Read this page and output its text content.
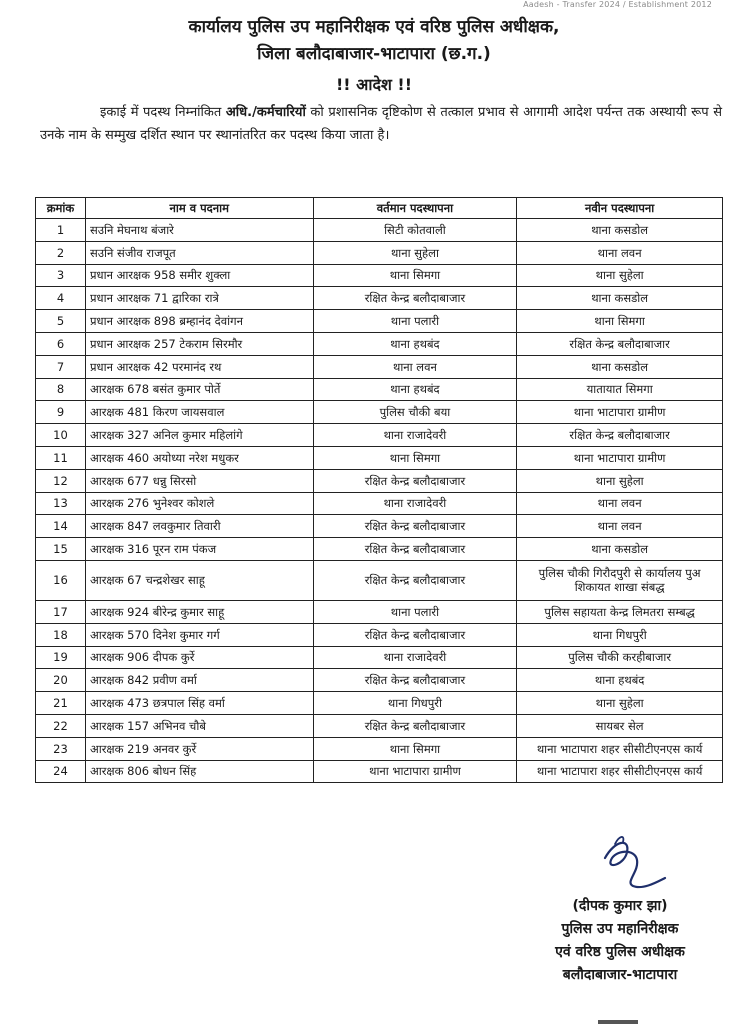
Aadesh - Transfer 2024 / Establishment 2012
कार्यालय पुलिस उप महानिरीक्षक एवं वरिष्ठ पुलिस अधीक्षक,
जिला बलौदाबाजार-भाटापारा (छ.ग.)
!! आदेश !!

इकाई में पदस्थ निम्नांकित अधि./कर्मचारियों को प्रशासनिक दृष्टिकोण से तत्काल प्रभाव से आगामी आदेश पर्यन्त तक अस्थायी रूप से उनके नाम के सम्मुख दर्शित स्थान पर स्थानांतरित कर पदस्थ किया जाता है।

क्रमांक	नाम व पदनाम	वर्तमान पदस्थापना	नवीन पदस्थापना
1	सउनि मेघनाथ बंजारे	सिटी कोतवाली	थाना कसडोल
2	सउनि संजीव राजपूत	थाना सुहेला	थाना लवन
3	प्रधान आरक्षक 958 समीर शुक्ला	थाना सिमगा	थाना सुहेला
4	प्रधान आरक्षक 71 द्वारिका रात्रे	रक्षित केन्द्र बलौदाबाजार	थाना कसडोल
5	प्रधान आरक्षक 898 ब्रम्हानंद देवांगन	थाना पलारी	थाना सिमगा
6	प्रधान आरक्षक 257 टेकराम सिरमौर	थाना हथबंद	रक्षित केन्द्र बलौदाबाजार
7	प्रधान आरक्षक 42 परमानंद रथ	थाना लवन	थाना कसडोल
8	आरक्षक 678 बसंत कुमार पोर्ते	थाना हथबंद	यातायात सिमगा
9	आरक्षक 481 किरण जायसवाल	पुलिस चौकी बया	थाना भाटापारा ग्रामीण
10	आरक्षक 327 अनिल कुमार महिलांगे	थाना राजादेवरी	रक्षित केन्द्र बलौदाबाजार
11	आरक्षक 460 अयोध्या नरेश मधुकर	थाना सिमगा	थाना भाटापारा ग्रामीण
12	आरक्षक 677 धन्नु सिरसो	रक्षित केन्द्र बलौदाबाजार	थाना सुहेला
13	आरक्षक 276 भुनेश्वर कोशले	थाना राजादेवरी	थाना लवन
14	आरक्षक 847 लवकुमार तिवारी	रक्षित केन्द्र बलौदाबाजार	थाना लवन
15	आरक्षक 316 पूरन राम पंकज	रक्षित केन्द्र बलौदाबाजार	थाना कसडोल
16	आरक्षक 67 चन्द्रशेखर साहू	रक्षित केन्द्र बलौदाबाजार	पुलिस चौकी गिरौदपुरी से कार्यालय पुअ शिकायत शाखा संबद्ध
17	आरक्षक 924 बीरेन्द्र कुमार साहू	थाना पलारी	पुलिस सहायता केन्द्र लिमतरा सम्बद्ध
18	आरक्षक 570 दिनेश कुमार गर्ग	रक्षित केन्द्र बलौदाबाजार	थाना गिधपुरी
19	आरक्षक 906 दीपक कुर्रे	थाना राजादेवरी	पुलिस चौकी करहीबाजार
20	आरक्षक 842 प्रवीण वर्मा	रक्षित केन्द्र बलौदाबाजार	थाना हथबंद
21	आरक्षक 473 छत्रपाल सिंह वर्मा	थाना गिधपुरी	थाना सुहेला
22	आरक्षक 157 अभिनव चौबे	रक्षित केन्द्र बलौदाबाजार	सायबर सेल
23	आरक्षक 219 अनवर कुर्रे	थाना सिमगा	थाना भाटापारा शहर सीसीटीएनएस कार्य
24	आरक्षक 806 बोधन सिंह	थाना भाटापारा ग्रामीण	थाना भाटापारा शहर सीसीटीएनएस कार्य
(दीपक कुमार झा)
पुलिस उप महानिरीक्षक
एवं वरिष्ठ पुलिस अधीक्षक
बलौदाबाजार-भाटापारा
